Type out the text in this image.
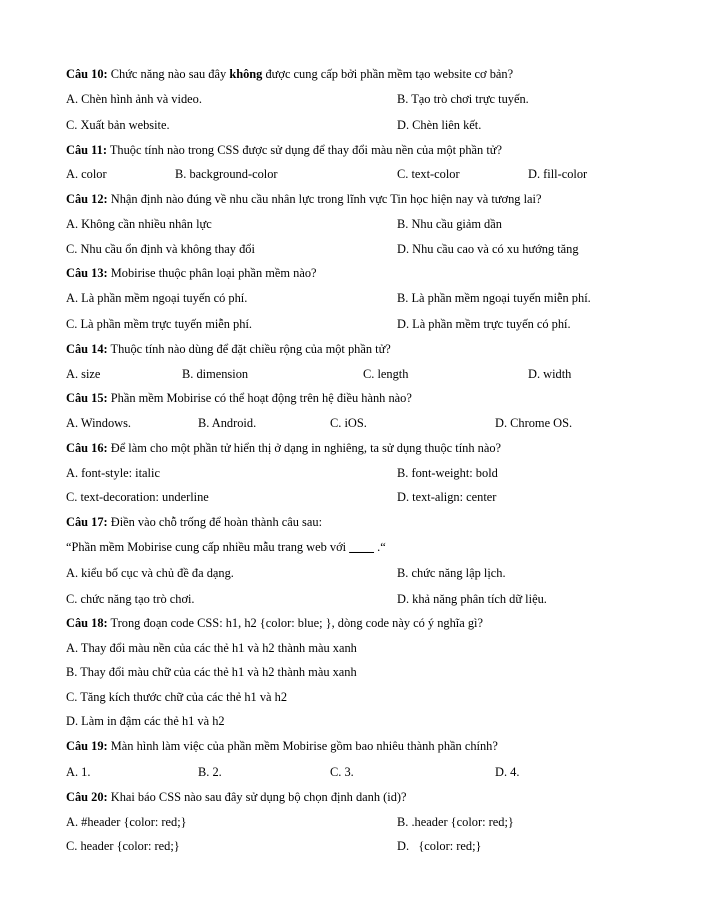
Câu 10: Chức năng nào sau đây không được cung cấp bởi phần mềm tạo website cơ bản?
A. Chèn hình ảnh và video.	B. Tạo trò chơi trực tuyến.
C. Xuất bản website.	D. Chèn liên kết.
Câu 11: Thuộc tính nào trong CSS được sử dụng để thay đổi màu nền của một phần tử?
A. color	B. background-color	C. text-color	D. fill-color
Câu 12: Nhận định nào đúng về nhu cầu nhân lực trong lĩnh vực Tin học hiện nay và tương lai?
A. Không cần nhiều nhân lực	B. Nhu cầu giảm dần
C. Nhu cầu ổn định và không thay đổi	D. Nhu cầu cao và có xu hướng tăng
Câu 13: Mobirise thuộc phân loại phần mềm nào?
A. Là phần mềm ngoại tuyến có phí.	B. Là phần mềm ngoại tuyến miễn phí.
C. Là phần mềm trực tuyến miễn phí.	D. Là phần mềm trực tuyến có phí.
Câu 14: Thuộc tính nào dùng để đặt chiều rộng của một phần tử?
A. size	B. dimension	C. length	D. width
Câu 15: Phần mềm Mobirise có thể hoạt động trên hệ điều hành nào?
A. Windows.	B. Android.	C. iOS.	D. Chrome OS.
Câu 16: Để làm cho một phần tử hiển thị ở dạng in nghiêng, ta sử dụng thuộc tính nào?
A. font-style: italic	B. font-weight: bold
C. text-decoration: underline	D. text-align: center
Câu 17: Điền vào chỗ trống để hoàn thành câu sau:
“Phần mềm Mobirise cung cấp nhiều mẫu trang web với ____ .“
A. kiểu bố cục và chủ đề đa dạng.	B. chức năng lập lịch.
C. chức năng tạo trò chơi.	D. khả năng phân tích dữ liệu.
Câu 18: Trong đoạn code CSS: h1, h2 {color: blue; }, dòng code này có ý nghĩa gì?
A. Thay đổi màu nền của các thẻ h1 và h2 thành màu xanh
B. Thay đổi màu chữ của các thẻ h1 và h2 thành màu xanh
C. Tăng kích thước chữ của các thẻ h1 và h2
D. Làm in đậm các thẻ h1 và h2
Câu 19: Màn hình làm việc của phần mềm Mobirise gồm bao nhiêu thành phần chính?
A. 1.	B. 2.	C. 3.	D. 4.
Câu 20: Khai báo CSS nào sau đây sử dụng bộ chọn định danh (id)?
A. #header {color: red;}	B. .header {color: red;}
C. header {color: red;}	D.   {color: red;}
